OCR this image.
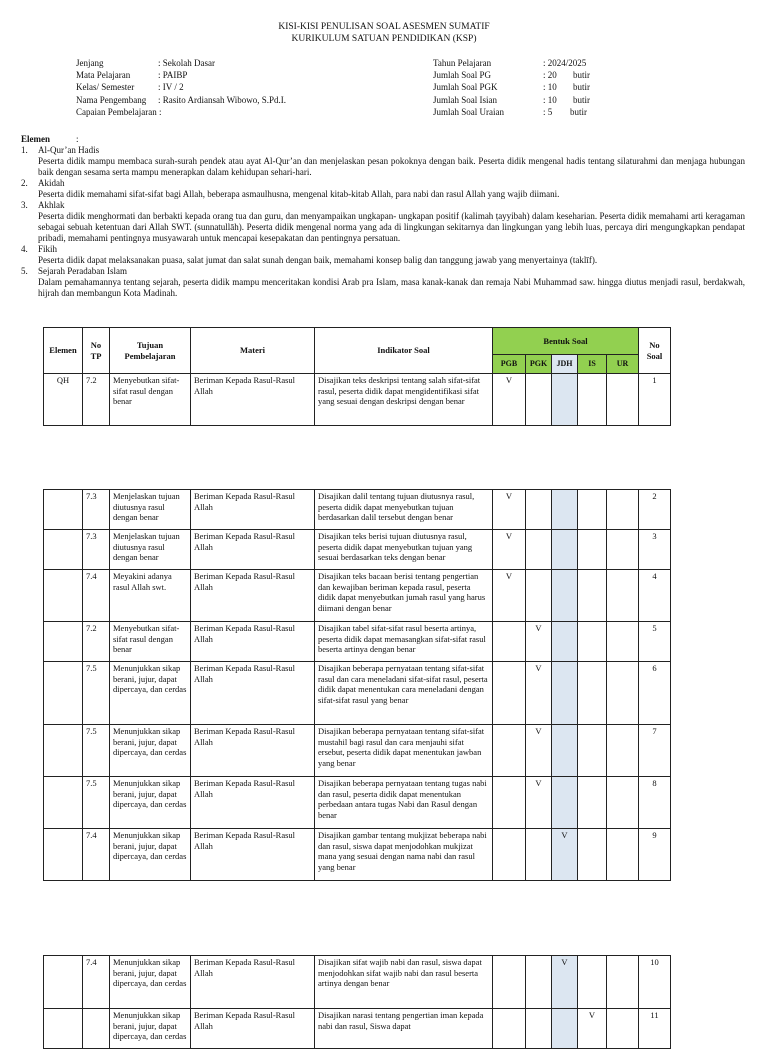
KISI-KISI PENULISAN SOAL ASESMEN SUMATIF
KURIKULUM SATUAN PENDIDIKAN (KSP)
Jenjang	: Sekolah Dasar
Mata Pelajaran	: PAIBP
Kelas/ Semester	: IV / 2
Nama Pengembang : Rasito Ardiansah Wibowo, S.Pd.I.
Capaian Pembelajaran :
Tahun Pelajaran	: 2024/2025
Jumlah Soal PG	: 20 butir
Jumlah Soal PGK	: 10 butir
Jumlah Soal Isian	: 10 butir
Jumlah Soal Uraian	: 5 butir
Elemen	:
1. Al-Qur’an Hadis
Peserta didik mampu membaca surah-surah pendek atau ayat Al-Qur’an dan menjelaskan pesan pokoknya dengan baik. Peserta didik mengenal hadis tentang silaturahmi dan menjaga hubungan baik dengan sesama serta mampu menerapkan dalam kehidupan sehari-hari.
2. Akidah
Peserta didik memahami sifat-sifat bagi Allah, beberapa asmaulhusna, mengenal kitab-kitab Allah, para nabi dan rasul Allah yang wajib diimani.
3. Akhlak
Peserta didik menghormati dan berbakti kepada orang tua dan guru, dan menyampaikan ungkapan- ungkapan positif (kalimah ṭayyibah) dalam keseharian. Peserta didik memahami arti keragaman sebagai sebuah ketentuan dari Allah SWT. (sunnatullāh). Peserta didik mengenal norma yang ada di lingkungan sekitarnya dan lingkungan yang lebih luas, percaya diri mengungkapkan pendapat pribadi, memahami pentingnya musyawarah untuk mencapai kesepakatan dan pentingnya persatuan.
4. Fikih
Peserta didik dapat melaksanakan puasa, salat jumat dan salat sunah dengan baik, memahami konsep balig dan tanggung jawab yang menyertainya (taklīf).
5. Sejarah Peradaban Islam
Dalam pemahamannya tentang sejarah, peserta didik mampu menceritakan kondisi Arab pra Islam, masa kanak-kanak dan remaja Nabi Muhammad saw. hingga diutus menjadi rasul, berdakwah, hijrah dan membangun Kota Madinah.
Elemen	No TP	Tujuan Pembelajaran	Materi	Indikator Soal	Bentuk Soal					No Soal
					PGB	PGK	JDH	IS	UR	
QH	7.2	Menyebutkan sifat-sifat rasul dengan benar	Beriman Kepada Rasul-Rasul Allah	Disajikan teks deskripsi tentang salah sifat-sifat rasul, peserta didik dapat mengidentifikasi sifat yang sesuai dengan deskripsi dengan benar	V					1
	7.3	Menjelaskan tujuan diutusnya rasul dengan benar	Beriman Kepada Rasul-Rasul Allah	Disajikan dalil tentang tujuan diutusnya rasul, peserta didik dapat menyebutkan tujuan berdasarkan dalil tersebut dengan benar	V					2
	7.3	Menjelaskan tujuan diutusnya rasul dengan benar	Beriman Kepada Rasul-Rasul Allah	Disajikan teks berisi tujuan diutusnya rasul, peserta didik dapat menyebutkan tujuan yang sesuai berdasarkan teks dengan benar	V					3
	7.4	Meyakini adanya rasul Allah swt.	Beriman Kepada Rasul-Rasul Allah	Disajikan teks bacaan berisi tentang pengertian dan kewajiban beriman kepada rasul, peserta didik dapat menyebutkan jumah rasul yang harus diimani dengan benar	V					4
	7.2	Menyebutkan sifat-sifat rasul dengan benar	Beriman Kepada Rasul-Rasul Allah	Disajikan tabel sifat-sifat rasul beserta artinya, peserta didik dapat memasangkan sifat-sifat rasul beserta artinya dengan benar		V				5
	7.5	Menunjukkan sikap berani, jujur, dapat dipercaya, dan cerdas	Beriman Kepada Rasul-Rasul Allah	Disajikan beberapa pernyataan tentang sifat-sifat rasul dan cara meneladani sifat-sifat rasul, peserta didik dapat menentukan cara meneladani dengan sifat-sifat rasul yang benar		V				6
	7.5	Menunjukkan sikap berani, jujur, dapat dipercaya, dan cerdas	Beriman Kepada Rasul-Rasul Allah	Disajikan beberapa pernyataan tentang sifat-sifat mustahil bagi rasul dan cara menjauhi sifat ersebut, peserta didik dapat menentukan jawban yang benar		V				7
	7.5	Menunjukkan sikap berani, jujur, dapat dipercaya, dan cerdas	Beriman Kepada Rasul-Rasul Allah	Disajikan beberapa pernyataan tentang tugas nabi dan rasul, peserta didik dapat menentukan perbedaan antara tugas Nabi dan Rasul dengan benar		V				8
	7.4	Menunjukkan sikap berani, jujur, dapat dipercaya, dan cerdas	Beriman Kepada Rasul-Rasul Allah	Disajikan gambar tentang mukjizat beberapa nabi dan rasul, siswa dapat menjodohkan mukjizat mana yang sesuai dengan nama nabi dan rasul yang benar			V			9
	7.4	Menunjukkan sikap berani, jujur, dapat dipercaya, dan cerdas	Beriman Kepada Rasul-Rasul Allah	Disajikan sifat wajib nabi dan rasul, siswa dapat menjodohkan sifat wajib nabi dan rasul beserta artinya dengan benar			V			10
		Menunjukkan sikap berani, jujur, dapat dipercaya, dan cerdas	Beriman Kepada Rasul-Rasul Allah	Disajikan narasi tentang pengertian iman kepada nabi dan rasul, Siswa dapat				V		11
